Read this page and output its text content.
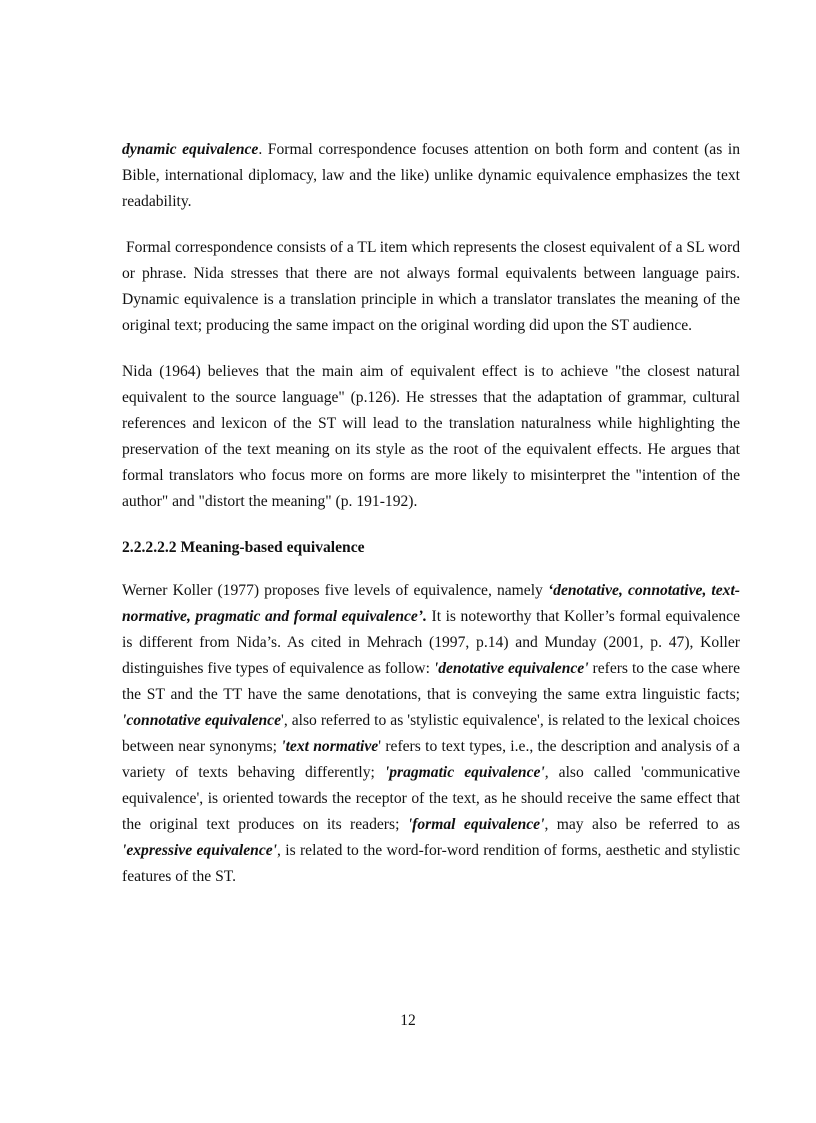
dynamic equivalence. Formal correspondence focuses attention on both form and content (as in Bible, international diplomacy, law and the like) unlike dynamic equivalence emphasizes the text readability.

Formal correspondence consists of a TL item which represents the closest equivalent of a SL word or phrase. Nida stresses that there are not always formal equivalents between language pairs. Dynamic equivalence is a translation principle in which a translator translates the meaning of the original text; producing the same impact on the original wording did upon the ST audience.

Nida (1964) believes that the main aim of equivalent effect is to achieve "the closest natural equivalent to the source language" (p.126). He stresses that the adaptation of grammar, cultural references and lexicon of the ST will lead to the translation naturalness while highlighting the preservation of the text meaning on its style as the root of the equivalent effects. He argues that formal translators who focus more on forms are more likely to misinterpret the "intention of the author" and "distort the meaning" (p. 191-192).

2.2.2.2.2 Meaning-based equivalence

Werner Koller (1977) proposes five levels of equivalence, namely ‘denotative, connotative, text-normative, pragmatic and formal equivalence’. It is noteworthy that Koller’s formal equivalence is different from Nida’s. As cited in Mehrach (1997, p.14) and Munday (2001, p. 47), Koller distinguishes five types of equivalence as follow: 'denotative equivalence' refers to the case where the ST and the TT have the same denotations, that is conveying the same extra linguistic facts; 'connotative equivalence', also referred to as 'stylistic equivalence', is related to the lexical choices between near synonyms; 'text normative' refers to text types, i.e., the description and analysis of a variety of texts behaving differently; 'pragmatic equivalence', also called 'communicative equivalence', is oriented towards the receptor of the text, as he should receive the same effect that the original text produces on its readers; 'formal equivalence', may also be referred to as 'expressive equivalence', is related to the word-for-word rendition of forms, aesthetic and stylistic features of the ST.

12
